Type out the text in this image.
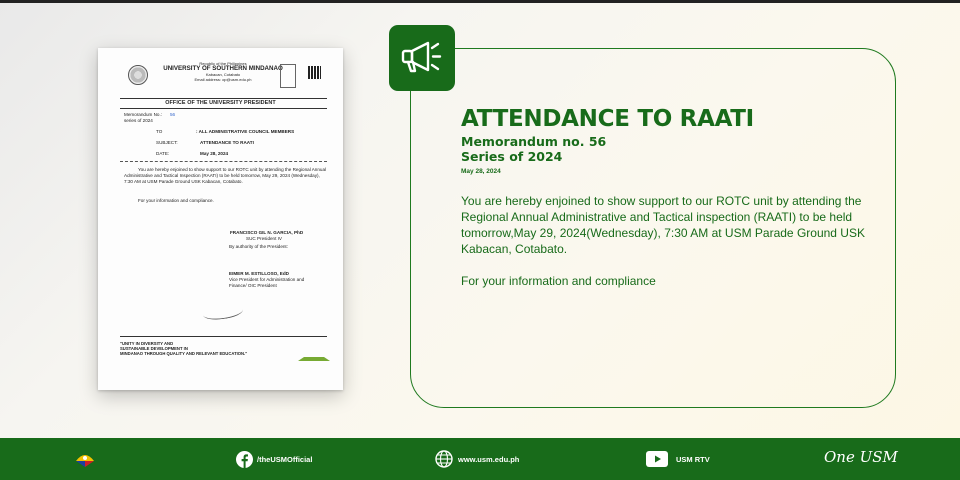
Republic of the Philippines
UNIVERSITY OF SOUTHERN MINDANAO
Kabacan, Cotabato
Email address: op@usm.edu.ph
OFFICE OF THE UNIVERSITY PRESIDENT
Memorandum No.: 56
series of 2024
TO	: ALL ADMINISTRATIVE COUNCIL MEMBERS
SUBJECT:	ATTENDANCE TO RAATI
DATE:	May 28, 2024
You are hereby enjoined to show support to our ROTC unit by attending the Regional Annual Administrative and Tactical Inspection (RAATI) to be held tomorrow, May 29, 2024 (Wednesday), 7:30 AM at USM Parade Ground USK Kabacan, Cotabato.
For your information and compliance.
FRANCISCO GIL N. GARCIA, PhD
SUC President IV
By authority of the President:
EIMER M. ESTILLOSO, EdD
Vice President for Administration and
Finance/ OIC President
"UNITY IN DIVERSITY AND
SUSTAINABLE DEVELOPMENT IN
MINDANAO THROUGH QUALITY AND RELEVANT EDUCATION."
ATTENDANCE TO RAATI
Memorandum no. 56
Series of 2024
May 28, 2024

You are hereby enjoined to show support to our ROTC unit by attending the Regional Annual Administrative and Tactical inspection (RAATI) to be held tomorrow,May 29, 2024(Wednesday), 7:30 AM at USM Parade Ground USK Kabacan, Cotabato.

For your information and compliance

/theUSMOfficial	www.usm.edu.ph	USM RTV	One USM
